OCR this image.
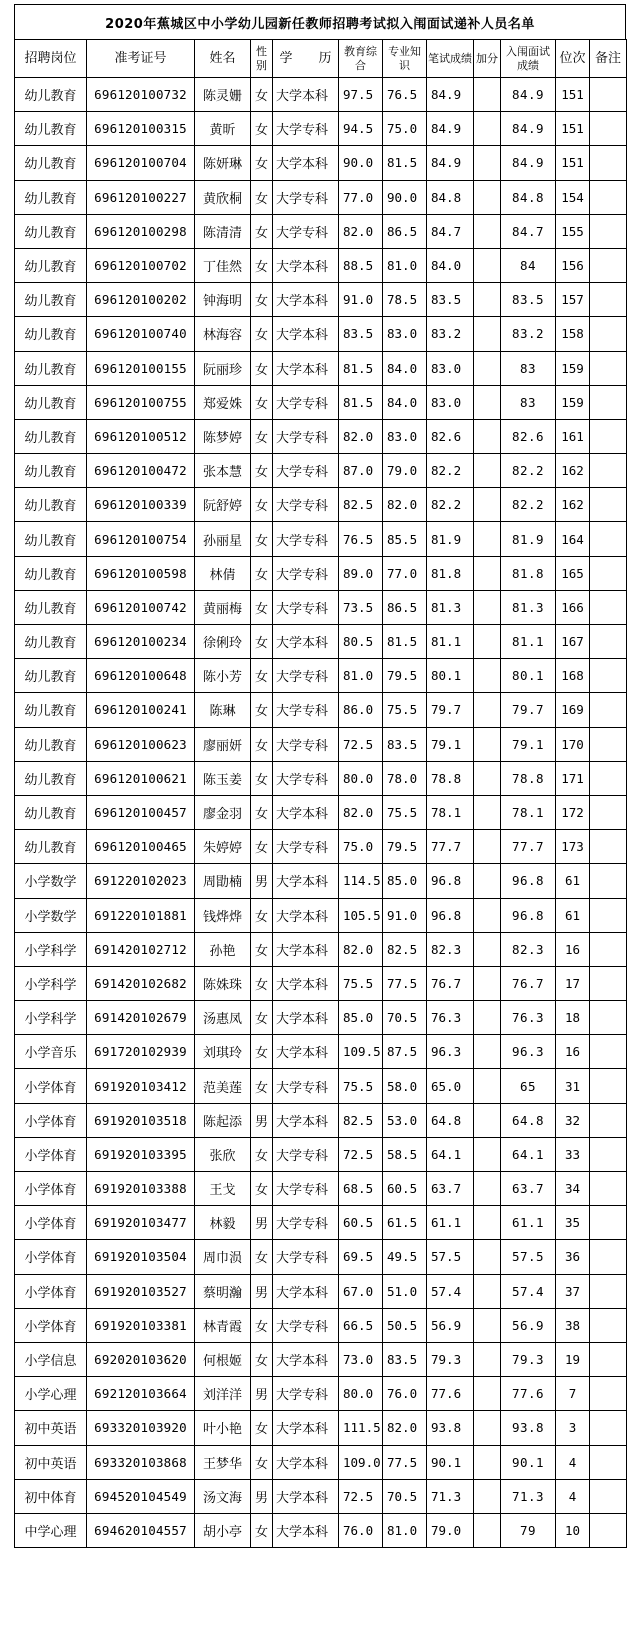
2020年蕉城区中小学幼儿园新任教师招聘考试拟入闱面试递补人员名单
招聘岗位	准考证号	姓名	性别	学　　历	教育综合	专业知识	笔试成绩	加分	入闱面试成绩	位次	备注
幼儿教育	696120100732	陈灵姗	女	大学本科	97.5	76.5	84.9		84.9	151	
幼儿教育	696120100315	黄昕	女	大学专科	94.5	75.0	84.9		84.9	151	
幼儿教育	696120100704	陈妍琳	女	大学本科	90.0	81.5	84.9		84.9	151	
幼儿教育	696120100227	黄欣桐	女	大学专科	77.0	90.0	84.8		84.8	154	
幼儿教育	696120100298	陈清清	女	大学专科	82.0	86.5	84.7		84.7	155	
幼儿教育	696120100702	丁佳然	女	大学本科	88.5	81.0	84.0		84	156	
幼儿教育	696120100202	钟海明	女	大学本科	91.0	78.5	83.5		83.5	157	
幼儿教育	696120100740	林海容	女	大学本科	83.5	83.0	83.2		83.2	158	
幼儿教育	696120100155	阮丽珍	女	大学本科	81.5	84.0	83.0		83	159	
幼儿教育	696120100755	郑爱姝	女	大学专科	81.5	84.0	83.0		83	159	
幼儿教育	696120100512	陈梦婷	女	大学专科	82.0	83.0	82.6		82.6	161	
幼儿教育	696120100472	张本慧	女	大学专科	87.0	79.0	82.2		82.2	162	
幼儿教育	696120100339	阮舒婷	女	大学专科	82.5	82.0	82.2		82.2	162	
幼儿教育	696120100754	孙丽星	女	大学专科	76.5	85.5	81.9		81.9	164	
幼儿教育	696120100598	林倩	女	大学专科	89.0	77.0	81.8		81.8	165	
幼儿教育	696120100742	黄丽梅	女	大学专科	73.5	86.5	81.3		81.3	166	
幼儿教育	696120100234	徐俐玲	女	大学本科	80.5	81.5	81.1		81.1	167	
幼儿教育	696120100648	陈小芳	女	大学专科	81.0	79.5	80.1		80.1	168	
幼儿教育	696120100241	陈琳	女	大学专科	86.0	75.5	79.7		79.7	169	
幼儿教育	696120100623	廖丽妍	女	大学专科	72.5	83.5	79.1		79.1	170	
幼儿教育	696120100621	陈玉姜	女	大学专科	80.0	78.0	78.8		78.8	171	
幼儿教育	696120100457	廖金羽	女	大学本科	82.0	75.5	78.1		78.1	172	
幼儿教育	696120100465	朱婷婷	女	大学专科	75.0	79.5	77.7		77.7	173	
小学数学	691220102023	周勖楠	男	大学本科	114.5	85.0	96.8		96.8	61	
小学数学	691220101881	钱烨烨	女	大学本科	105.5	91.0	96.8		96.8	61	
小学科学	691420102712	孙艳	女	大学本科	82.0	82.5	82.3		82.3	16	
小学科学	691420102682	陈姝珠	女	大学本科	75.5	77.5	76.7		76.7	17	
小学科学	691420102679	汤惠凤	女	大学本科	85.0	70.5	76.3		76.3	18	
小学音乐	691720102939	刘琪玲	女	大学本科	109.5	87.5	96.3		96.3	16	
小学体育	691920103412	范美莲	女	大学专科	75.5	58.0	65.0		65	31	
小学体育	691920103518	陈起添	男	大学本科	82.5	53.0	64.8		64.8	32	
小学体育	691920103395	张欣	女	大学专科	72.5	58.5	64.1		64.1	33	
小学体育	691920103388	王戈	女	大学专科	68.5	60.5	63.7		63.7	34	
小学体育	691920103477	林毅	男	大学专科	60.5	61.5	61.1		61.1	35	
小学体育	691920103504	周巾涢	女	大学专科	69.5	49.5	57.5		57.5	36	
小学体育	691920103527	蔡明瀚	男	大学本科	67.0	51.0	57.4		57.4	37	
小学体育	691920103381	林青霞	女	大学专科	66.5	50.5	56.9		56.9	38	
小学信息	692020103620	何根姬	女	大学本科	73.0	83.5	79.3		79.3	19	
小学心理	692120103664	刘洋洋	男	大学专科	80.0	76.0	77.6		77.6	7	
初中英语	693320103920	叶小艳	女	大学本科	111.5	82.0	93.8		93.8	3	
初中英语	693320103868	王梦华	女	大学本科	109.0	77.5	90.1		90.1	4	
初中体育	694520104549	汤文海	男	大学本科	72.5	70.5	71.3		71.3	4	
中学心理	694620104557	胡小亭	女	大学本科	76.0	81.0	79.0		79	10	
